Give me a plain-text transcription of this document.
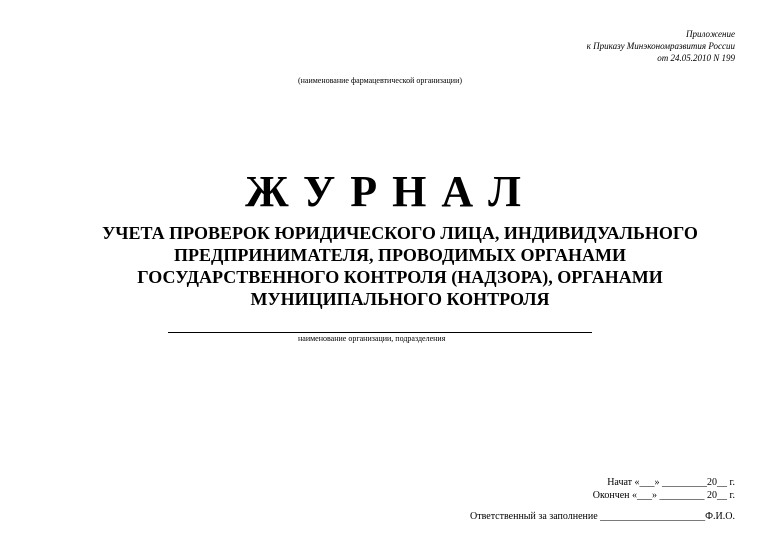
Приложение
к Приказу Минэкономразвития России
от 24.05.2010 N 199
(наименование фармацевтической организации)
ЖУРНАЛ
УЧЕТА ПРОВЕРОК ЮРИДИЧЕСКОГО ЛИЦА, ИНДИВИДУАЛЬНОГО
ПРЕДПРИНИМАТЕЛЯ, ПРОВОДИМЫХ ОРГАНАМИ
ГОСУДАРСТВЕННОГО КОНТРОЛЯ (НАДЗОРА), ОРГАНАМИ
МУНИЦИПАЛЬНОГО КОНТРОЛЯ
наименование организации, подразделения
Начат «___» _________20__ г.
Окончен «___» _________ 20__ г.
Ответственный за заполнение _____________________Ф.И.О.
